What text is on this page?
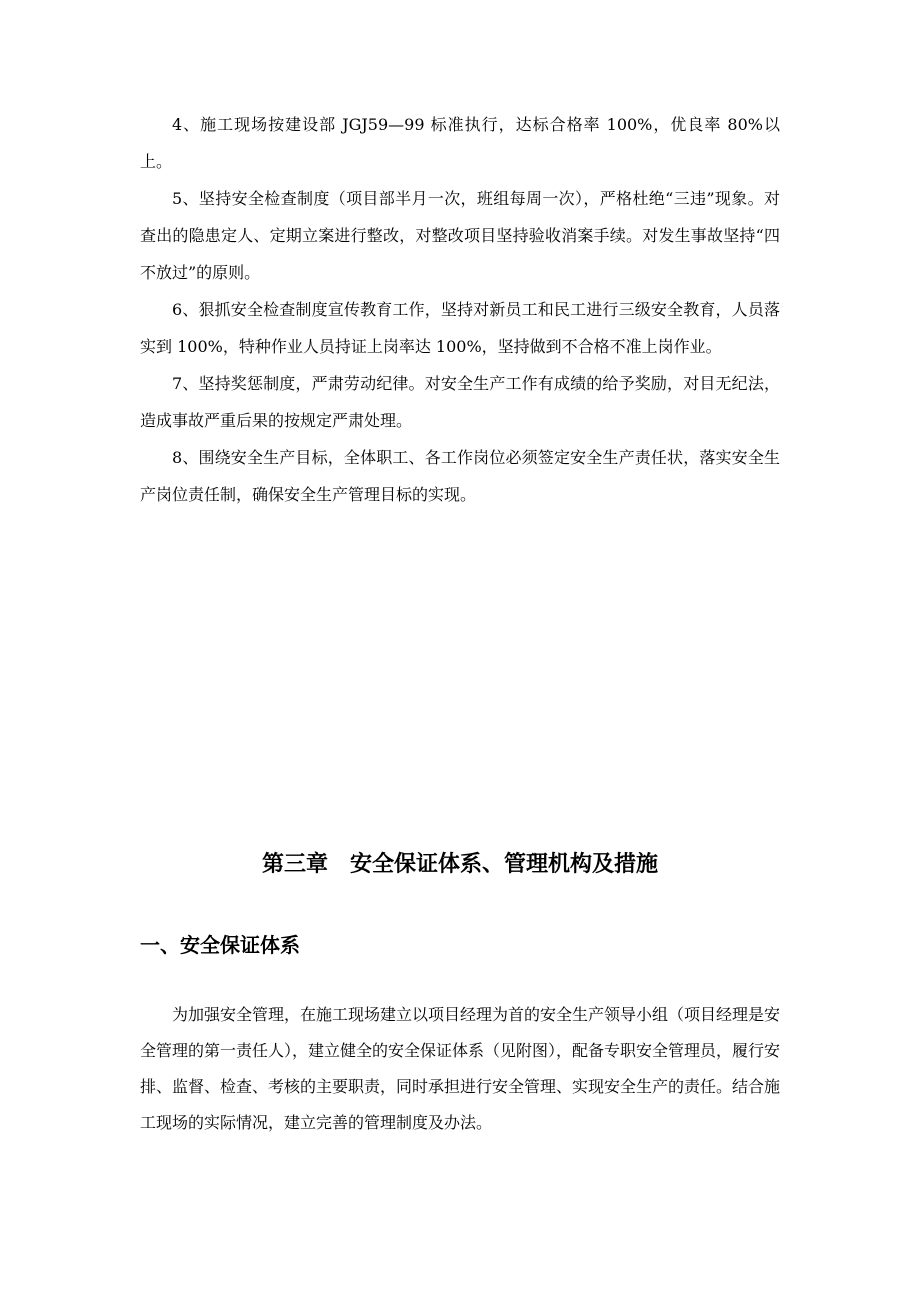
4、施工现场按建设部 JGJ59—99 标准执行，达标合格率 100%，优良率 80%以上。

5、坚持安全检查制度（项目部半月一次，班组每周一次），严格杜绝“三违”现象。对查出的隐患定人、定期立案进行整改，对整改项目坚持验收消案手续。对发生事故坚持“四不放过”的原则。

6、狠抓安全检查制度宣传教育工作，坚持对新员工和民工进行三级安全教育，人员落实到 100%，特种作业人员持证上岗率达 100%，坚持做到不合格不准上岗作业。

7、坚持奖惩制度，严肃劳动纪律。对安全生产工作有成绩的给予奖励，对目无纪法，造成事故严重后果的按规定严肃处理。

8、围绕安全生产目标，全体职工、各工作岗位必须签定安全生产责任状，落实安全生产岗位责任制，确保安全生产管理目标的实现。

第三章　安全保证体系、管理机构及措施
一、安全保证体系

为加强安全管理，在施工现场建立以项目经理为首的安全生产领导小组（项目经理是安全管理的第一责任人），建立健全的安全保证体系（见附图），配备专职安全管理员，履行安排、监督、检查、考核的主要职责，同时承担进行安全管理、实现安全生产的责任。结合施工现场的实际情况，建立完善的管理制度及办法。
